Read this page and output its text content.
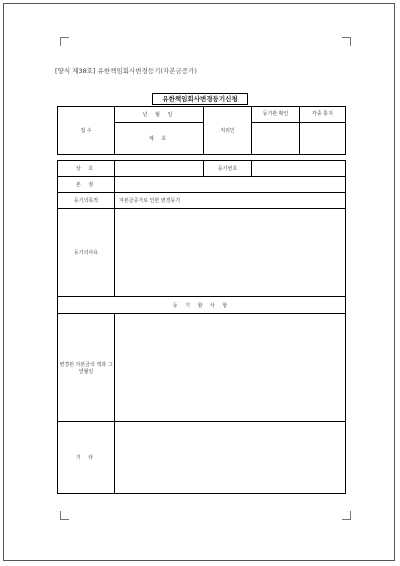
[양식 제38호] 유한책임회사변경등기(자본금증가)
유한책임회사변경등기신청
접 수	년 월 일	처리인	등기관 확인	각종 통지
	제 호			
상 호		등기번호	
본 점			
등기의목적	자본금증가로 인한 변경등기		
등기의사유			
등 기 할 사 항			
변경된 자본금의 액과 그 연월일			
기 타			
